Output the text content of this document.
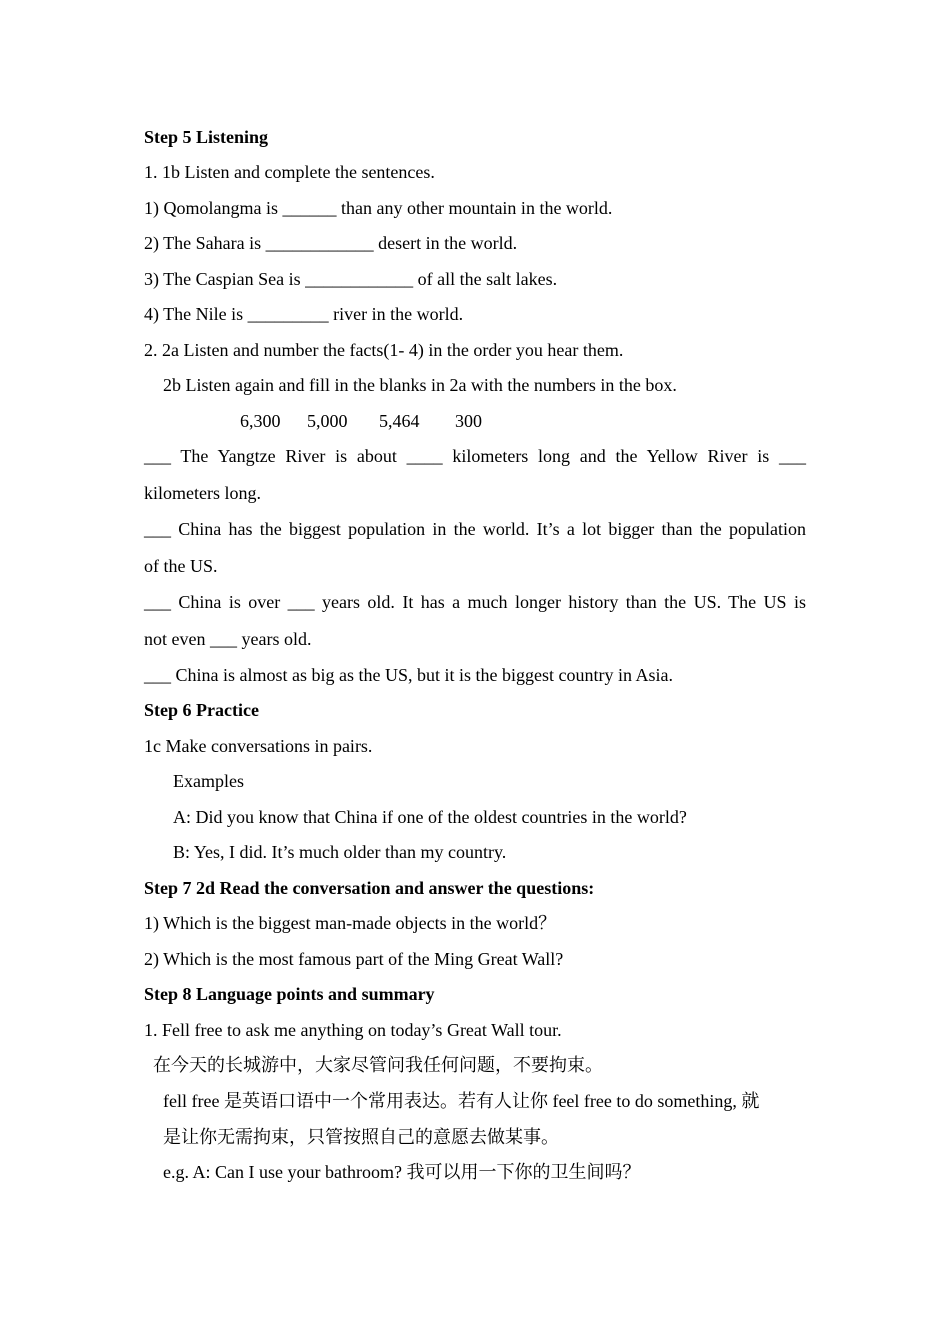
Step 5 Listening
1. 1b Listen and complete the sentences.
1) Qomolangma is ______ than any other mountain in the world.
2) The Sahara is ____________ desert in the world.
3) The Caspian Sea is ____________ of all the salt lakes.
4) The Nile is _________ river in the world.
2. 2a Listen and number the facts(1- 4) in the order you hear them.
2b Listen again and fill in the blanks in 2a with the numbers in the box.
6,300 5,000 5,464 300
___ The Yangtze River is about ____ kilometers long and the Yellow River is ___
kilometers long.
___ China has the biggest population in the world. It’s a lot bigger than the population
of the US.
___ China is over ___ years old. It has a much longer history than the US. The US is
not even ___ years old.
___ China is almost as big as the US, but it is the biggest country in Asia.
Step 6 Practice
1c Make conversations in pairs.
Examples
A: Did you know that China if one of the oldest countries in the world?
B: Yes, I did. It’s much older than my country.
Step 7 2d Read the conversation and answer the questions:
1) Which is the biggest man-made objects in the world？
2) Which is the most famous part of the Ming Great Wall?
Step 8 Language points and summary
1. Fell free to ask me anything on today’s Great Wall tour.
在今天的长城游中，大家尽管问我任何问题，不要拘束。
fell free 是英语口语中一个常用表达。若有人让你 feel free to do something, 就
是让你无需拘束，只管按照自己的意愿去做某事。
e.g. A: Can I use your bathroom? 我可以用一下你的卫生间吗？
